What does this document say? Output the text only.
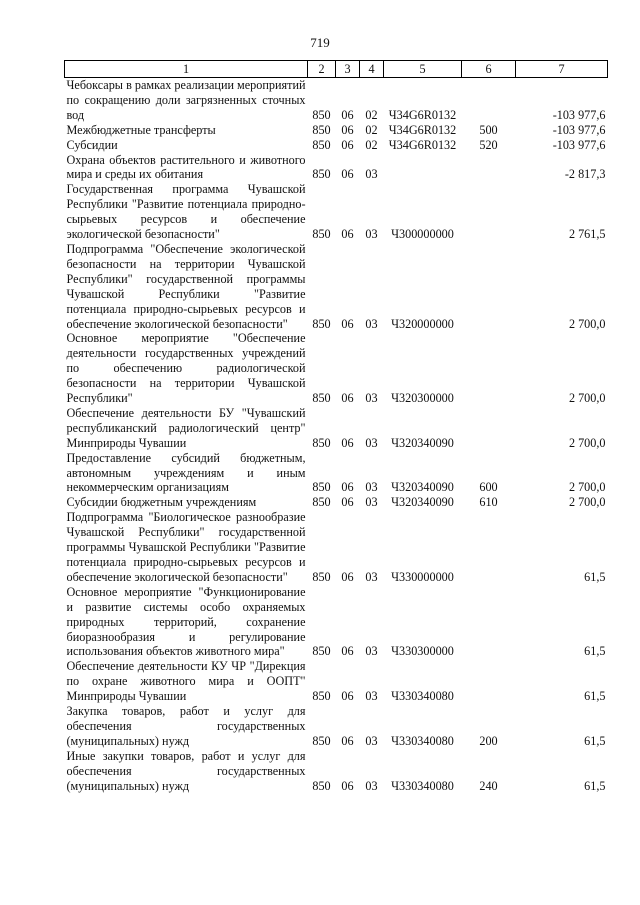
719
1	2	3	4	5	6	7
Чебоксары в рамках реализации мероприятий по сокращению доли загрязненных сточных вод	850	06	02	Ч34G6R0132		-103 977,6
Межбюджетные трансферты	850	06	02	Ч34G6R0132	500	-103 977,6
Субсидии	850	06	02	Ч34G6R0132	520	-103 977,6
Охрана объектов растительного и животного мира и среды их обитания	850	06	03			-2 817,3
Государственная программа Чувашской Республики "Развитие потенциала природно-сырьевых ресурсов и обеспечение экологической безопасности"	850	06	03	Ч300000000		2 761,5
Подпрограмма "Обеспечение экологической безопасности на территории Чувашской Республики" государственной программы Чувашской Республики "Развитие потенциала природно-сырьевых ресурсов и обеспечение экологической безопасности"	850	06	03	Ч320000000		2 700,0
Основное мероприятие "Обеспечение деятельности государственных учреждений по обеспечению радиологической безопасности на территории Чувашской Республики"	850	06	03	Ч320300000		2 700,0
Обеспечение деятельности БУ "Чувашский республиканский радиологический центр" Минприроды Чувашии	850	06	03	Ч320340090		2 700,0
Предоставление субсидий бюджетным, автономным учреждениям и иным некоммерческим организациям	850	06	03	Ч320340090	600	2 700,0
Субсидии бюджетным учреждениям	850	06	03	Ч320340090	610	2 700,0
Подпрограмма "Биологическое разнообразие Чувашской Республики" государственной программы Чувашской Республики "Развитие потенциала природно-сырьевых ресурсов и обеспечение экологической безопасности"	850	06	03	Ч330000000		61,5
Основное мероприятие "Функционирование и развитие системы особо охраняемых природных территорий, сохранение биоразнообразия и регулирование использования объектов животного мира"	850	06	03	Ч330300000		61,5
Обеспечение деятельности КУ ЧР "Дирекция по охране животного мира и ООПТ" Минприроды Чувашии	850	06	03	Ч330340080		61,5
Закупка товаров, работ и услуг для обеспечения государственных (муниципальных) нужд	850	06	03	Ч330340080	200	61,5
Иные закупки товаров, работ и услуг для обеспечения государственных (муниципальных) нужд	850	06	03	Ч330340080	240	61,5
